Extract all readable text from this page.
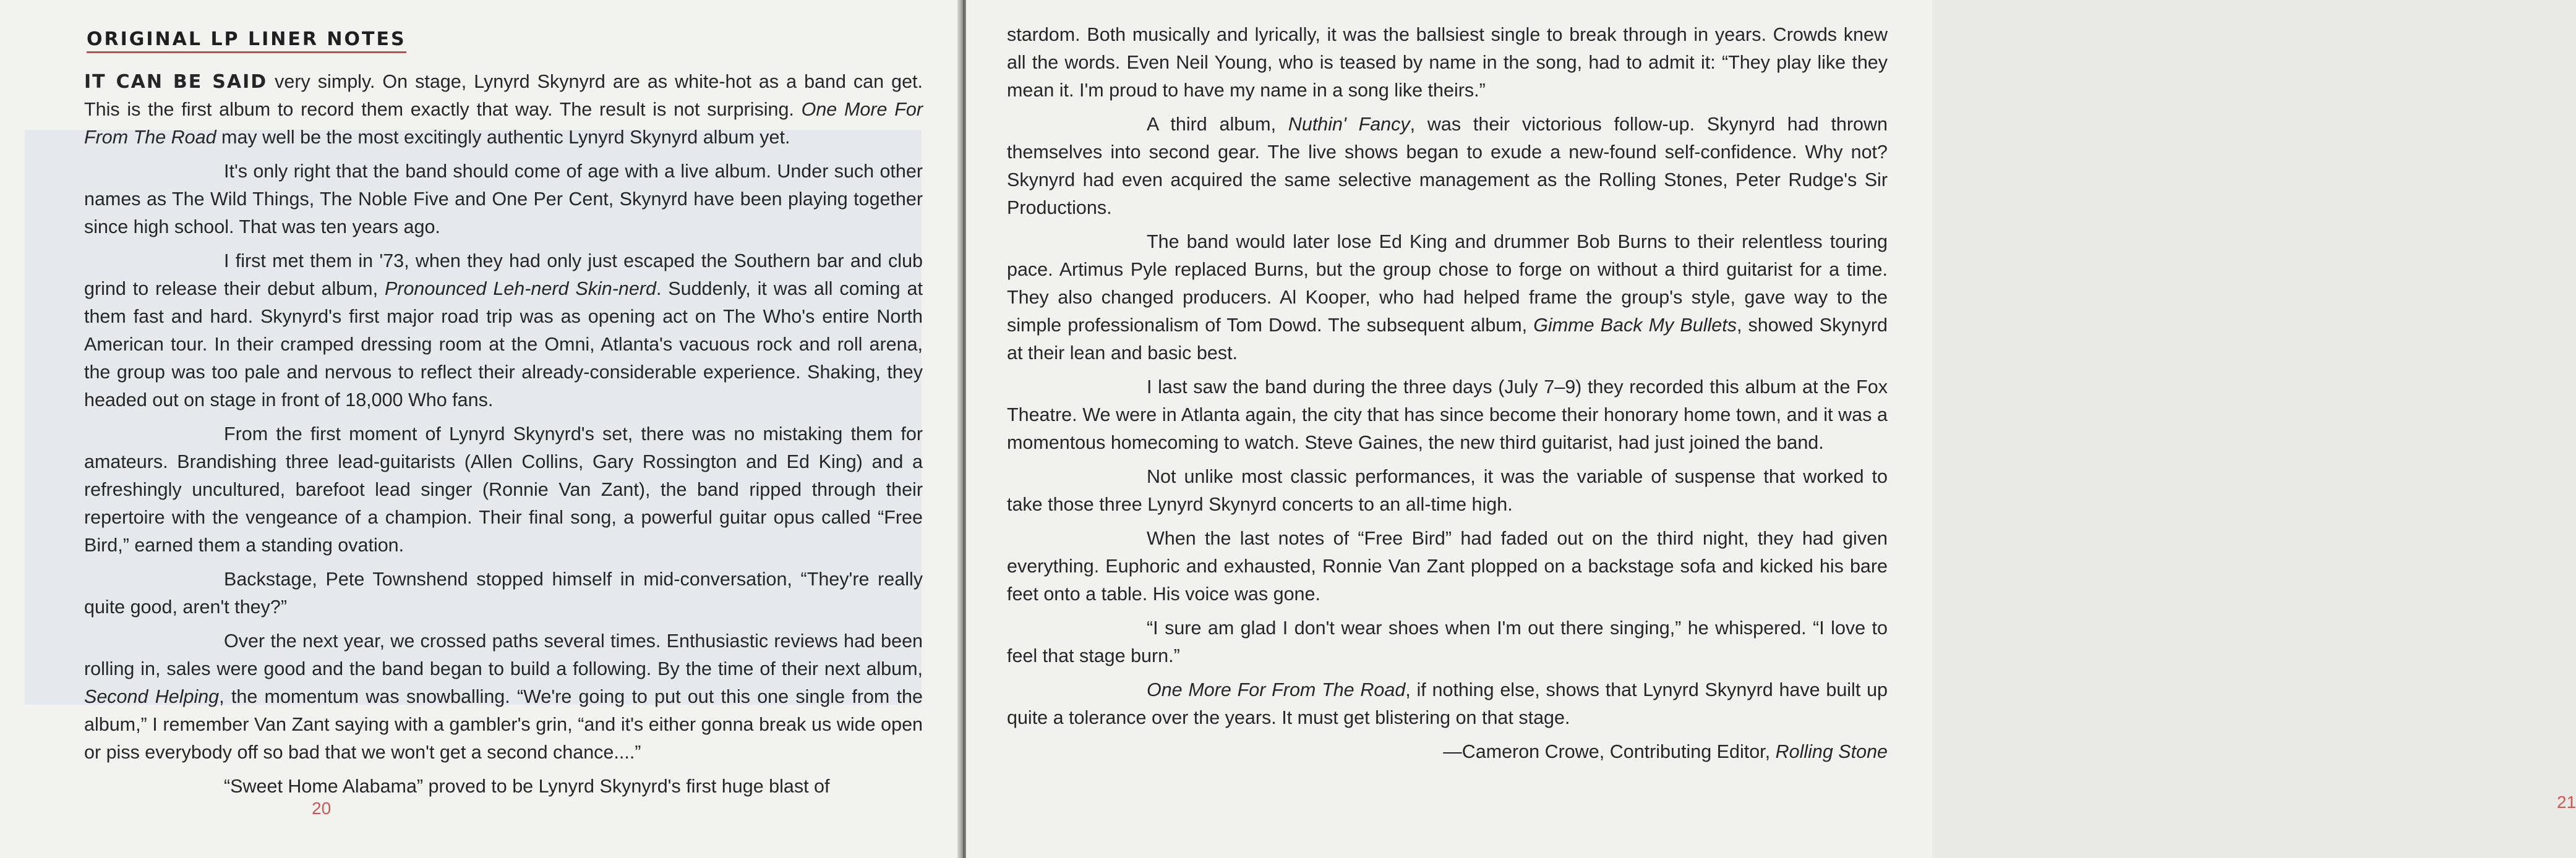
ORIGINAL LP LINER NOTES

IT CAN BE SAID very simply. On stage, Lynyrd Skynyrd are as white-hot as a band can get. This is the first album to record them exactly that way. The result is not surprising. One More For From The Road may well be the most excitingly authentic Lynyrd Skynyrd album yet.

It's only right that the band should come of age with a live album. Under such other names as The Wild Things, The Noble Five and One Per Cent, Skynyrd have been playing together since high school. That was ten years ago.

I first met them in '73, when they had only just escaped the Southern bar and club grind to release their debut album, Pronounced Leh-nerd Skin-nerd. Suddenly, it was all coming at them fast and hard. Skynyrd's first major road trip was as opening act on The Who's entire North American tour. In their cramped dressing room at the Omni, Atlanta's vacuous rock and roll arena, the group was too pale and nervous to reflect their already-considerable experience. Shaking, they headed out on stage in front of 18,000 Who fans.

From the first moment of Lynyrd Skynyrd's set, there was no mistaking them for amateurs. Brandishing three lead-guitarists (Allen Collins, Gary Rossington and Ed King) and a refreshingly uncultured, barefoot lead singer (Ronnie Van Zant), the band ripped through their repertoire with the vengeance of a champion. Their final song, a powerful guitar opus called “Free Bird,” earned them a standing ovation.

Backstage, Pete Townshend stopped himself in mid-conversation, “They're really quite good, aren't they?”

Over the next year, we crossed paths several times. Enthusiastic reviews had been rolling in, sales were good and the band began to build a following. By the time of their next album, Second Helping, the momentum was snowballing. “We're going to put out this one single from the album,” I remember Van Zant saying with a gambler's grin, “and it's either gonna break us wide open or piss everybody off so bad that we won't get a second chance....”

“Sweet Home Alabama” proved to be Lynyrd Skynyrd's first huge blast of

20

stardom. Both musically and lyrically, it was the ballsiest single to break through in years. Crowds knew all the words. Even Neil Young, who is teased by name in the song, had to admit it: “They play like they mean it. I'm proud to have my name in a song like theirs.”

A third album, Nuthin' Fancy, was their victorious follow-up. Skynyrd had thrown themselves into second gear. The live shows began to exude a new-found self-confidence. Why not? Skynyrd had even acquired the same selective management as the Rolling Stones, Peter Rudge's Sir Productions.

The band would later lose Ed King and drummer Bob Burns to their relentless touring pace. Artimus Pyle replaced Burns, but the group chose to forge on without a third guitarist for a time. They also changed producers. Al Kooper, who had helped frame the group's style, gave way to the simple professionalism of Tom Dowd. The subsequent album, Gimme Back My Bullets, showed Skynyrd at their lean and basic best.

I last saw the band during the three days (July 7–9) they recorded this album at the Fox Theatre. We were in Atlanta again, the city that has since become their honorary home town, and it was a momentous homecoming to watch. Steve Gaines, the new third guitarist, had just joined the band.

Not unlike most classic performances, it was the variable of suspense that worked to take those three Lynyrd Skynyrd concerts to an all-time high.

When the last notes of “Free Bird” had faded out on the third night, they had given everything. Euphoric and exhausted, Ronnie Van Zant plopped on a backstage sofa and kicked his bare feet onto a table. His voice was gone.

“I sure am glad I don't wear shoes when I'm out there singing,” he whispered. “I love to feel that stage burn.”

One More For From The Road, if nothing else, shows that Lynyrd Skynyrd have built up quite a tolerance over the years. It must get blistering on that stage.

—Cameron Crowe, Contributing Editor, Rolling Stone

21
